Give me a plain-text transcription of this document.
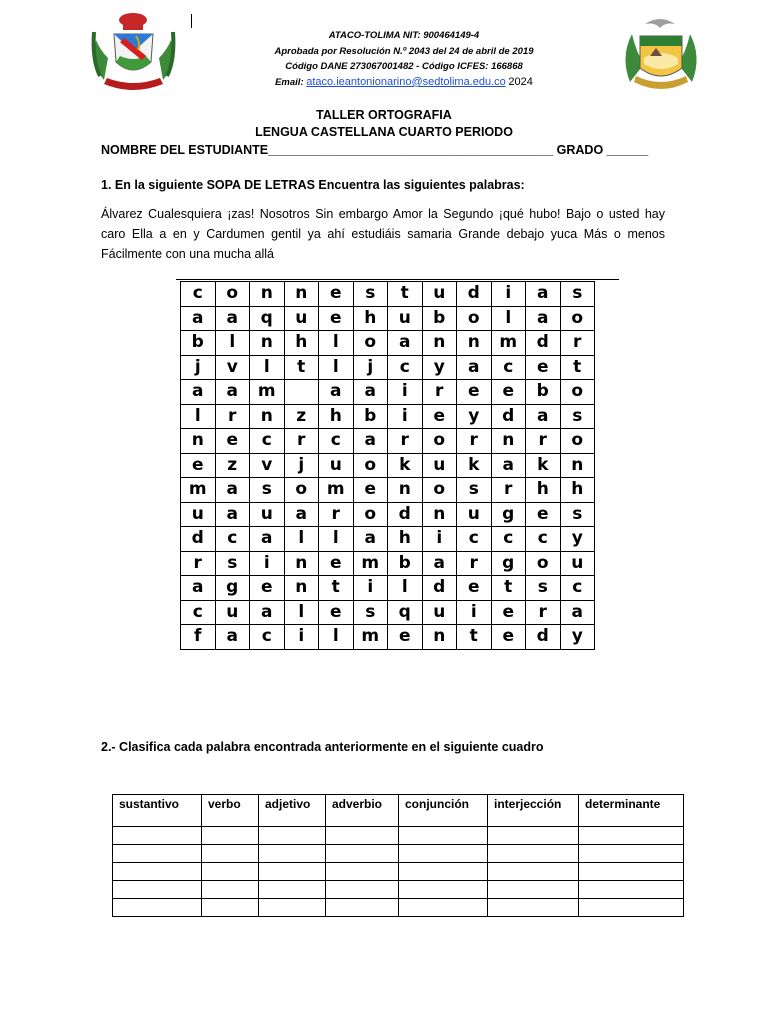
ATACO-TOLIMA NIT: 900464149-4
Aprobada por Resolución N.º 2043 del 24 de abril de 2019
Código DANE 273067001482 - Código ICFES: 166868
Email: ataco.ieantonionarino@sedtolima.edu.co 2024
TALLER ORTOGRAFIA
LENGUA CASTELLANA CUARTO PERIODO
NOMBRE DEL ESTUDIANTE_________________________________________ GRADO ______
1. En la siguiente SOPA DE LETRAS Encuentra las siguientes palabras:
Álvarez Cualesquiera ¡zas! Nosotros Sin embargo Amor la Segundo ¡qué hubo! Bajo o usted hay caro Ella a en y Cardumen gentil ya ahí estudiáis samaria Grande debajo yuca Más o menos Fácilmente con una mucha allá
c	o	n	n	e	s	t	u	d	i	a	s
a	a	q	u	e	h	u	b	o	l	a	o
b	l	n	h	l	o	a	n	n	m	d	r
j	v	l	t	l	j	c	y	a	c	e	t
a	a	m		a	a	i	r	e	e	b	o
l	r	n	z	h	b	i	e	y	d	a	s
n	e	c	r	c	a	r	o	r	n	r	o
e	z	v	j	u	o	k	u	k	a	k	n
m	a	s	o	m	e	n	o	s	r	h	h
u	a	u	a	r	o	d	n	u	g	e	s
d	c	a	l	l	a	h	i	c	c	c	y
r	s	i	n	e	m	b	a	r	g	o	u
a	g	e	n	t	i	l	d	e	t	s	c
c	u	a	l	e	s	q	u	i	e	r	a
f	a	c	i	l	m	e	n	t	e	d	y
2.- Clasifica cada palabra encontrada anteriormente en el siguiente cuadro
sustantivo	verbo	adjetivo	adverbio	conjunción	interjección	determinante
